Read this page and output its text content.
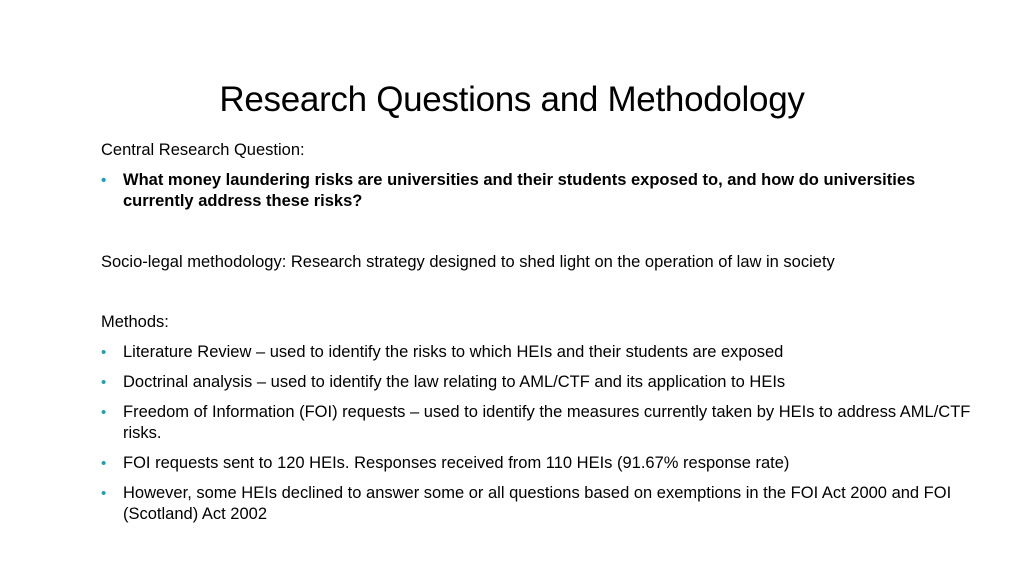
Research Questions and Methodology

Central Research Question:

• What money laundering risks are universities and their students exposed to, and how do universities currently address these risks?

Socio-legal methodology: Research strategy designed to shed light on the operation of law in society

Methods:

• Literature Review – used to identify the risks to which HEIs and their students are exposed

• Doctrinal analysis – used to identify the law relating to AML/CTF and its application to HEIs

• Freedom of Information (FOI) requests – used to identify the measures currently taken by HEIs to address AML/CTF risks.

• FOI requests sent to 120 HEIs. Responses received from 110 HEIs (91.67% response rate)

• However, some HEIs declined to answer some or all questions based on exemptions in the FOI Act 2000 and FOI (Scotland) Act 2002
